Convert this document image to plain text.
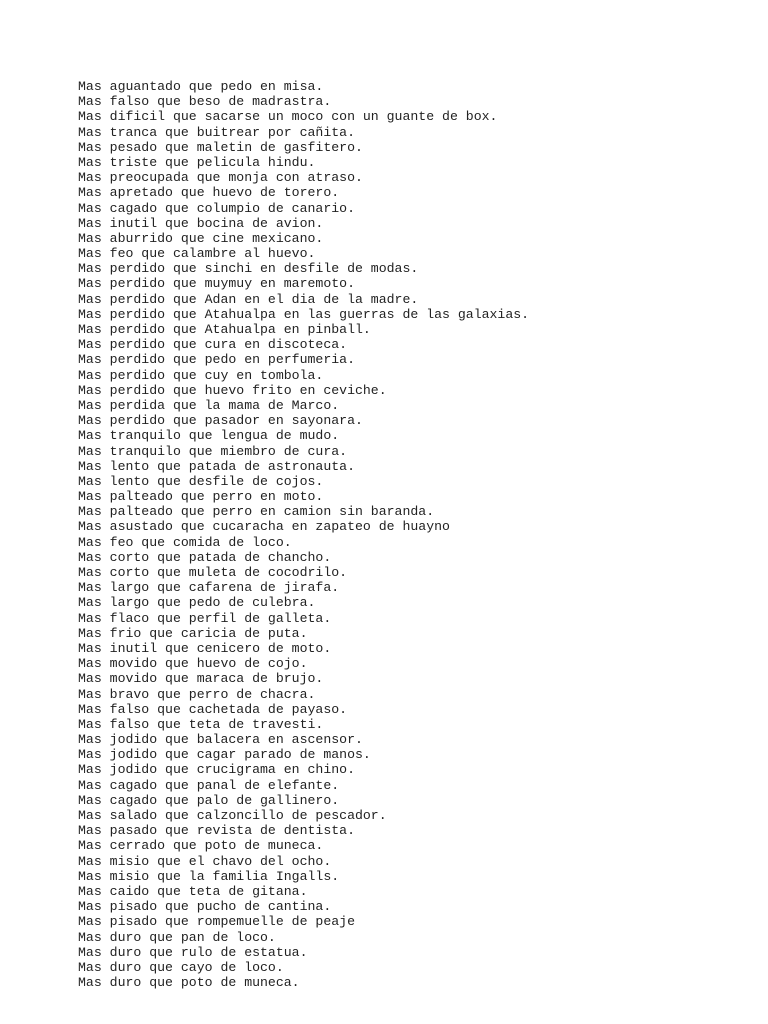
Mas aguantado que pedo en misa.
Mas falso que beso de madrastra.
Mas dificil que sacarse un moco con un guante de box.
Mas tranca que buitrear por cañita.
Mas pesado que maletin de gasfitero.
Mas triste que pelicula hindu.
Mas preocupada que monja con atraso.
Mas apretado que huevo de torero.
Mas cagado que columpio de canario.
Mas inutil que bocina de avion.
Mas aburrido que cine mexicano.
Mas feo que calambre al huevo.
Mas perdido que sinchi en desfile de modas.
Mas perdido que muymuy en maremoto.
Mas perdido que Adan en el dia de la madre.
Mas perdido que Atahualpa en las guerras de las galaxias.
Mas perdido que Atahualpa en pinball.
Mas perdido que cura en discoteca.
Mas perdido que pedo en perfumeria.
Mas perdido que cuy en tombola.
Mas perdido que huevo frito en ceviche.
Mas perdida que la mama de Marco.
Mas perdido que pasador en sayonara.
Mas tranquilo que lengua de mudo.
Mas tranquilo que miembro de cura.
Mas lento que patada de astronauta.
Mas lento que desfile de cojos.
Mas palteado que perro en moto.
Mas palteado que perro en camion sin baranda.
Mas asustado que cucaracha en zapateo de huayno
Mas feo que comida de loco.
Mas corto que patada de chancho.
Mas corto que muleta de cocodrilo.
Mas largo que cafarena de jirafa.
Mas largo que pedo de culebra.
Mas flaco que perfil de galleta.
Mas frio que caricia de puta.
Mas inutil que cenicero de moto.
Mas movido que huevo de cojo.
Mas movido que maraca de brujo.
Mas bravo que perro de chacra.
Mas falso que cachetada de payaso.
Mas falso que teta de travesti.
Mas jodido que balacera en ascensor.
Mas jodido que cagar parado de manos.
Mas jodido que crucigrama en chino.
Mas cagado que panal de elefante.
Mas cagado que palo de gallinero.
Mas salado que calzoncillo de pescador.
Mas pasado que revista de dentista.
Mas cerrado que poto de muneca.
Mas misio que el chavo del ocho.
Mas misio que la familia Ingalls.
Mas caido que teta de gitana.
Mas pisado que pucho de cantina.
Mas pisado que rompemuelle de peaje
Mas duro que pan de loco.
Mas duro que rulo de estatua.
Mas duro que cayo de loco.
Mas duro que poto de muneca.
